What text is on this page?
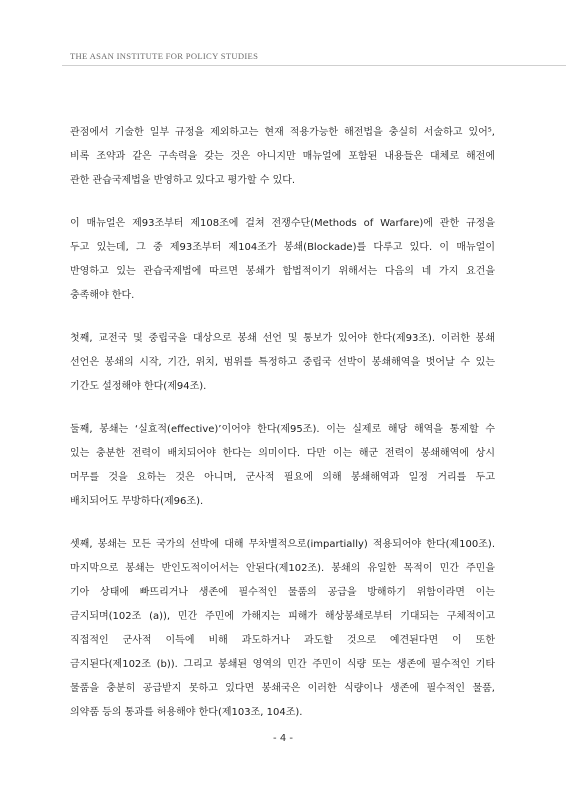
THE ASAN INSTITUTE FOR POLICY STUDIES
관점에서 기술한 일부 규정을 제외하고는 현재 적용가능한 해전법을 충실히 서술하고 있어⁵,
비록 조약과 같은 구속력을 갖는 것은 아니지만 매뉴얼에 포함된 내용들은 대체로 해전에
관한 관습국제법을 반영하고 있다고 평가할 수 있다.
이 매뉴얼은 제93조부터 제108조에 걸쳐 전쟁수단(Methods of Warfare)에 관한 규정을
두고 있는데, 그 중 제93조부터 제104조가 봉쇄(Blockade)를 다루고 있다. 이 매뉴얼이
반영하고 있는 관습국제법에 따르면 봉쇄가 합법적이기 위해서는 다음의 네 가지 요건을
충족해야 한다.
첫째, 교전국 및 중립국을 대상으로 봉쇄 선언 및 통보가 있어야 한다(제93조). 이러한 봉쇄
선언은 봉쇄의 시작, 기간, 위치, 범위를 특정하고 중립국 선박이 봉쇄해역을 벗어날 수 있는
기간도 설정해야 한다(제94조).
둘째, 봉쇄는 ‘실효적(effective)’이어야 한다(제95조). 이는 실제로 해당 해역을 통제할 수
있는 충분한 전력이 배치되어야 한다는 의미이다. 다만 이는 해군 전력이 봉쇄해역에 상시
머무를 것을 요하는 것은 아니며, 군사적 필요에 의해 봉쇄해역과 일정 거리를 두고
배치되어도 무방하다(제96조).
셋째, 봉쇄는 모든 국가의 선박에 대해 무차별적으로(impartially) 적용되어야 한다(제100조).
마지막으로 봉쇄는 반인도적이어서는 안된다(제102조). 봉쇄의 유일한 목적이 민간 주민을
기아 상태에 빠뜨리거나 생존에 필수적인 물품의 공급을 방해하기 위함이라면 이는
금지되며(102조 (a)), 민간 주민에 가해지는 피해가 해상봉쇄로부터 기대되는 구체적이고
직접적인 군사적 이득에 비해 과도하거나 과도할 것으로 예견된다면 이 또한
금지된다(제102조 (b)). 그리고 봉쇄된 영역의 민간 주민이 식량 또는 생존에 필수적인 기타
물품을 충분히 공급받지 못하고 있다면 봉쇄국은 이러한 식량이나 생존에 필수적인 물품,
의약품 등의 통과를 허용해야 한다(제103조, 104조).
- 4 -
